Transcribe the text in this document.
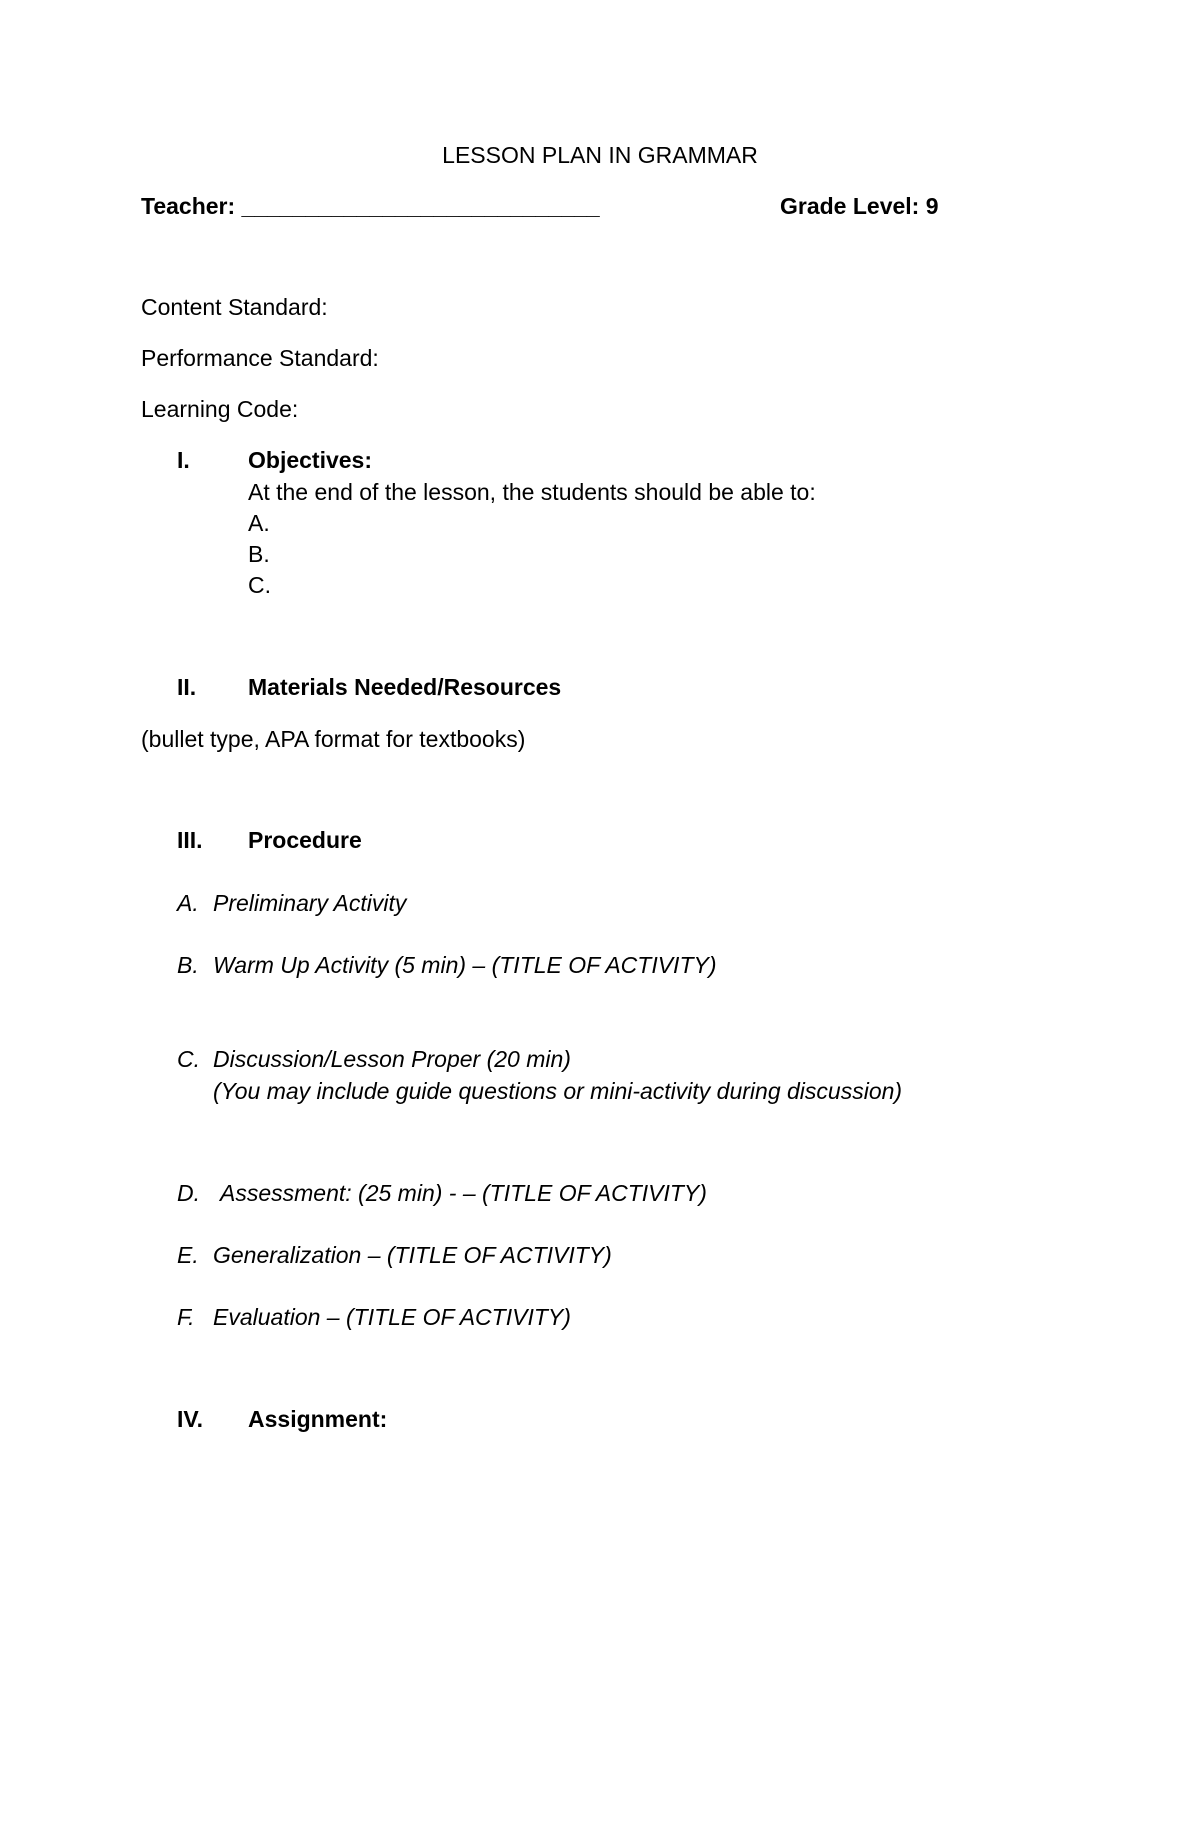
LESSON PLAN IN GRAMMAR
Teacher: ____________________________	Grade Level: 9
Content Standard:
Performance Standard:
Learning Code:
I.	Objectives:
At the end of the lesson, the students should be able to:
A.
B.
C.
II. Materials Needed/Resources
(bullet type, APA format for textbooks)
III. Procedure
A. Preliminary Activity
B. Warm Up Activity (5 min) – (TITLE OF ACTIVITY)
C. Discussion/Lesson Proper (20 min)
(You may include guide questions or mini-activity during discussion)
D. Assessment: (25 min) - – (TITLE OF ACTIVITY)
E. Generalization – (TITLE OF ACTIVITY)
F. Evaluation – (TITLE OF ACTIVITY)
IV. Assignment:
